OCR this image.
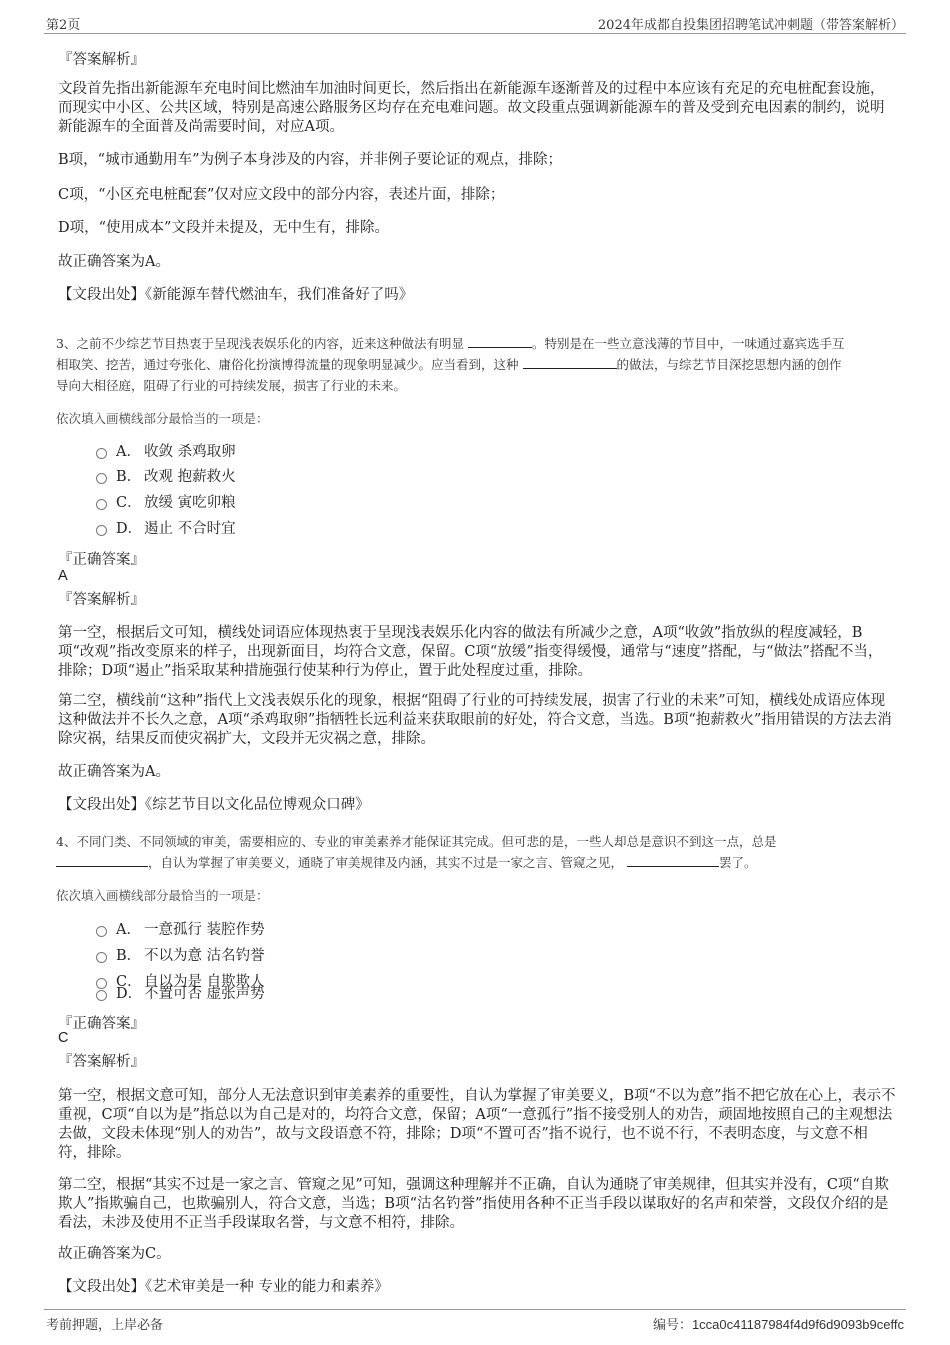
第2页	2024年成都自投集团招聘笔试冲刺题（带答案解析）
『答案解析』
文段首先指出新能源车充电时间比燃油车加油时间更长，然后指出在新能源车逐渐普及的过程中本应该有充足的充电桩配套设施，而现实中小区、公共区域，特别是高速公路服务区均存在充电难问题。故文段重点强调新能源车的普及受到充电因素的制约，说明新能源车的全面普及尚需要时间，对应A项。
B项，“城市通勤用车”为例子本身涉及的内容，并非例子要论证的观点，排除；
C项，“小区充电桩配套”仅对应文段中的部分内容，表述片面，排除；
D项，“使用成本”文段并未提及，无中生有，排除。
故正确答案为A。
【文段出处】《新能源车替代燃油车，我们准备好了吗》
3、之前不少综艺节目热衷于呈现浅表娱乐化的内容，近来这种做法有明显	。特别是在一些立意浅薄的节目中，一味通过嘉宾选手互
相取笑、挖苦，通过夸张化、庸俗化扮演博得流量的现象明显减少。应当看到，这种	的做法，与综艺节目深挖思想内涵的创作
导向大相径庭，阻碍了行业的可持续发展，损害了行业的未来。
依次填入画横线部分最恰当的一项是：
A． 收敛 杀鸡取卵
B． 改观 抱薪救火
C． 放缓 寅吃卯粮
D． 遏止 不合时宜
『正确答案』
A
『答案解析』
第一空，根据后文可知，横线处词语应体现热衷于呈现浅表娱乐化内容的做法有所减少之意，A项“收敛”指放纵的程度减轻，B项“改观”指改变原来的样子，出现新面目，均符合文意，保留。C项“放缓”指变得缓慢，通常与“速度”搭配，与“做法”搭配不当，排除；D项“遏止”指采取某种措施强行使某种行为停止，置于此处程度过重，排除。
第二空，横线前“这种”指代上文浅表娱乐化的现象，根据“阻碍了行业的可持续发展，损害了行业的未来”可知，横线处成语应体现这种做法并不长久之意，A项“杀鸡取卵”指牺牲长远利益来获取眼前的好处，符合文意，当选。B项“抱薪救火”指用错误的方法去消除灾祸，结果反而使灾祸扩大，文段并无灾祸之意，排除。
故正确答案为A。
【文段出处】《综艺节目以文化品位博观众口碑》
4、不同门类、不同领域的审美，需要相应的、专业的审美素养才能保证其完成。但可悲的是，一些人却总是意识不到这一点，总是
，自认为掌握了审美要义，通晓了审美规律及内涵，其实不过是一家之言、管窥之见，	罢了。
依次填入画横线部分最恰当的一项是：
A． 一意孤行 装腔作势
B． 不以为意 沽名钓誉
C． 自以为是 自欺欺人
D． 不置可否 虚张声势
『正确答案』
C
『答案解析』
第一空，根据文意可知，部分人无法意识到审美素养的重要性，自认为掌握了审美要义，B项“不以为意”指不把它放在心上，表示不重视，C项“自以为是”指总以为自己是对的，均符合文意，保留；A项“一意孤行”指不接受别人的劝告，顽固地按照自己的主观想法去做，文段未体现“别人的劝告”，故与文段语意不符，排除；D项“不置可否”指不说行，也不说不行，不表明态度，与文意不相符，排除。
第二空，根据“其实不过是一家之言、管窥之见”可知，强调这种理解并不正确，自认为通晓了审美规律，但其实并没有，C项“自欺欺人”指欺骗自己，也欺骗别人，符合文意，当选；B项“沽名钓誉”指使用各种不正当手段以谋取好的名声和荣誉，文段仅介绍的是看法，未涉及使用不正当手段谋取名誉，与文意不相符，排除。
故正确答案为C。
【文段出处】《艺术审美是一种 专业的能力和素养》
考前押题，上岸必备	编号：1cca0c41187984f4d9f6d9093b9ceffc
